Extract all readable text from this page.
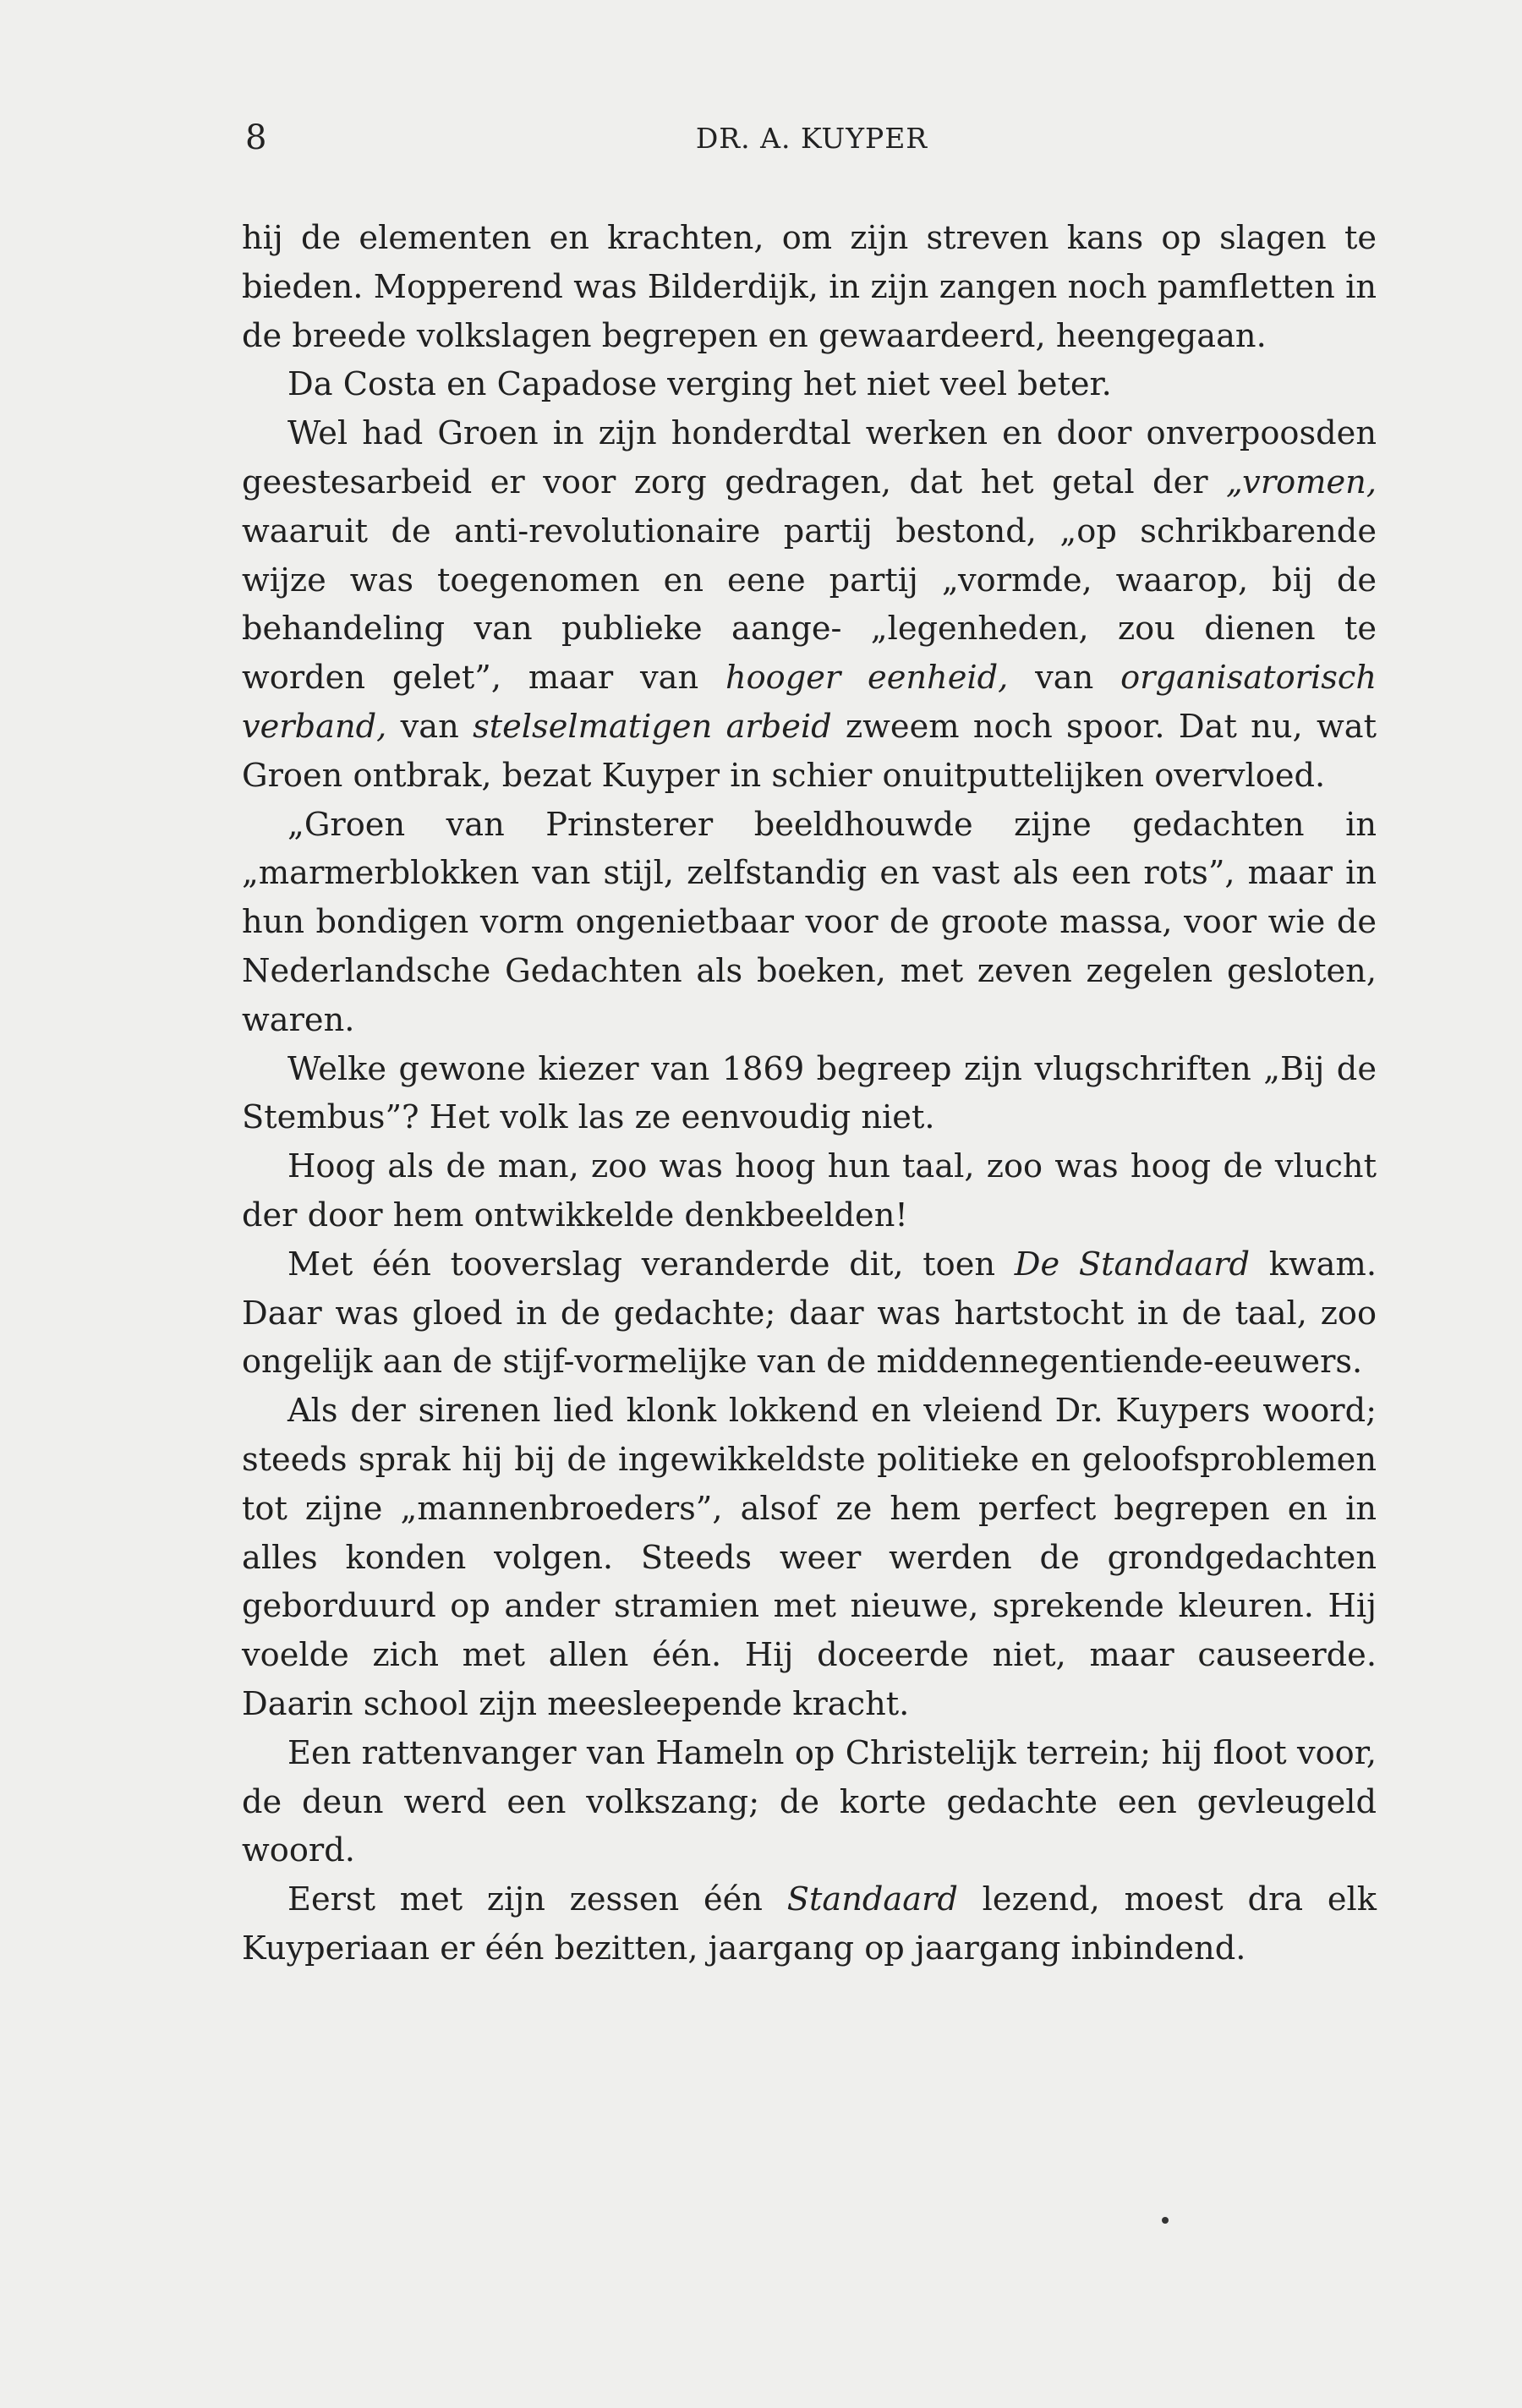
8	DR. A. KUYPER

hij de elementen en krachten, om zijn streven kans op slagen te bieden. Mopperend was Bilderdijk, in zijn zangen noch pamfletten in de breede volkslagen begrepen en gewaardeerd, heengegaan.

Da Costa en Capadose verging het niet veel beter.

Wel had Groen in zijn honderdtal werken en door onverpoosden geestesarbeid er voor zorg gedragen, dat het getal der „vromen, waaruit de anti-revolutionaire partij bestond, „op schrikbarende wijze was toegenomen en eene partij „vormde, waarop, bij de behandeling van publieke aange- „legenheden, zou dienen te worden gelet”, maar van hooger eenheid, van organisatorisch verband, van stelselmatigen arbeid zweem noch spoor. Dat nu, wat Groen ontbrak, bezat Kuyper in schier onuitputtelijken overvloed.

„Groen van Prinsterer beeldhouwde zijne gedachten in „marmerblokken van stijl, zelfstandig en vast als een rots”, maar in hun bondigen vorm ongenietbaar voor de groote massa, voor wie de Nederlandsche Gedachten als boeken, met zeven zegelen gesloten, waren.

Welke gewone kiezer van 1869 begreep zijn vlugschriften „Bij de Stembus”? Het volk las ze eenvoudig niet.

Hoog als de man, zoo was hoog hun taal, zoo was hoog de vlucht der door hem ontwikkelde denkbeelden!

Met één tooverslag veranderde dit, toen De Standaard kwam. Daar was gloed in de gedachte; daar was hartstocht in de taal, zoo ongelijk aan de stijf-vormelijke van de middennegentiende-eeuwers.

Als der sirenen lied klonk lokkend en vleiend Dr. Kuypers woord; steeds sprak hij bij de ingewikkeldste politieke en geloofsproblemen tot zijne „mannenbroeders”, alsof ze hem perfect begrepen en in alles konden volgen. Steeds weer werden de grondgedachten geborduurd op ander stramien met nieuwe, sprekende kleuren. Hij voelde zich met allen één. Hij doceerde niet, maar causeerde. Daarin school zijn meesleepende kracht.

Een rattenvanger van Hameln op Christelijk terrein; hij floot voor, de deun werd een volkszang; de korte gedachte een gevleugeld woord.

Eerst met zijn zessen één Standaard lezend, moest dra elk Kuyperiaan er één bezitten, jaargang op jaargang inbindend.
